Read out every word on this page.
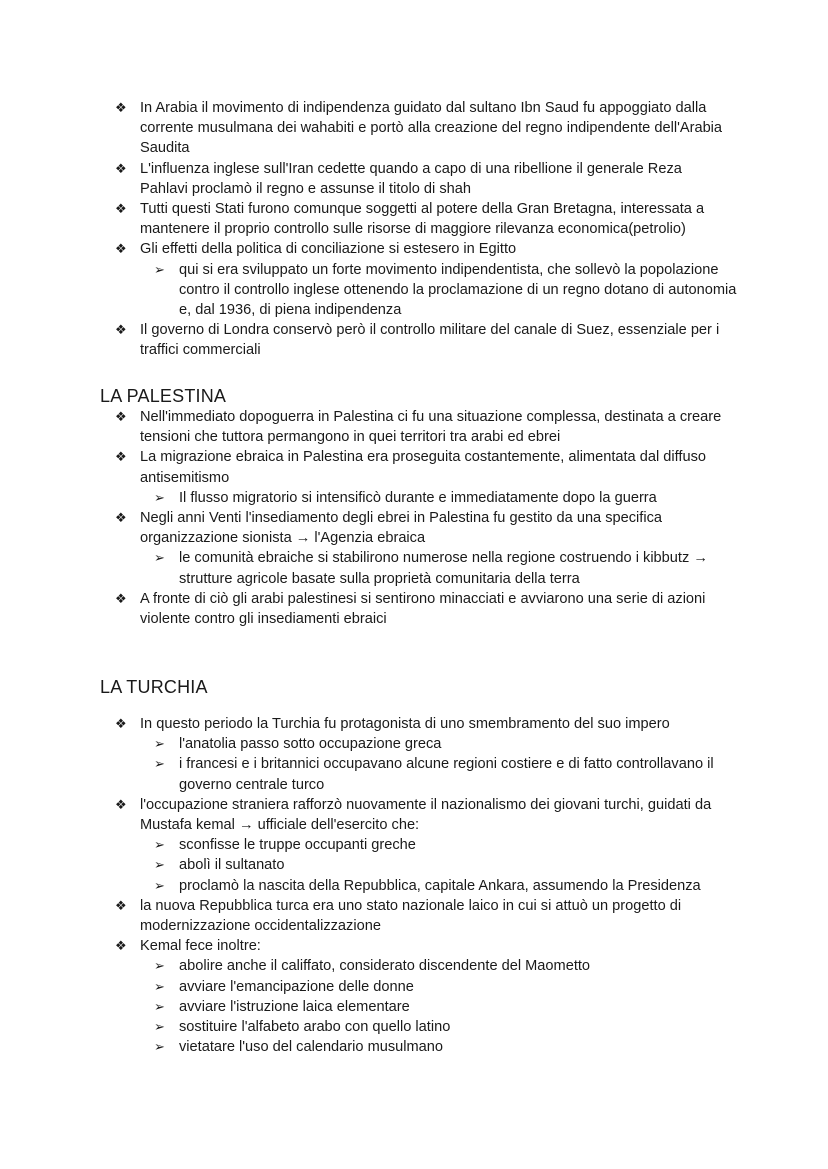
❖ In Arabia il movimento di indipendenza guidato dal sultano Ibn Saud fu appoggiato dalla corrente musulmana dei wahabiti e portò alla creazione del regno indipendente dell'Arabia Saudita
❖ L'influenza inglese sull'Iran cedette quando a capo di una ribellione il generale Reza Pahlavi proclamò il regno e assunse il titolo di shah
❖ Tutti questi Stati furono comunque soggetti al potere della Gran Bretagna, interessata a mantenere il proprio controllo sulle risorse di maggiore rilevanza economica(petrolio)
❖ Gli effetti della politica di conciliazione si estesero in Egitto
➢ qui si era sviluppato un forte movimento indipendentista, che sollevò la popolazione contro il controllo inglese ottenendo la proclamazione di un regno dotano di autonomia e, dal 1936, di piena indipendenza
❖ Il governo di Londra conservò però il controllo militare del canale di Suez, essenziale per i traffici commerciali
LA PALESTINA
❖ Nell'immediato dopoguerra in Palestina ci fu una situazione complessa, destinata a creare tensioni che tuttora permangono in quei territori tra arabi ed ebrei
❖ La migrazione ebraica in Palestina era proseguita costantemente, alimentata dal diffuso antisemitismo
➢ Il flusso migratorio si intensificò durante e immediatamente dopo la guerra
❖ Negli anni Venti l'insediamento degli ebrei in Palestina fu gestito da una specifica organizzazione sionista → l'Agenzia ebraica
➢ le comunità ebraiche si stabilirono numerose nella regione costruendo i kibbutz → strutture agricole basate sulla proprietà comunitaria della terra
❖ A fronte di ciò gli arabi palestinesi si sentirono minacciati e avviarono una serie di azioni violente contro gli insediamenti ebraici
LA TURCHIA
❖ In questo periodo la Turchia fu protagonista di uno smembramento del suo impero
➢ l'anatolia passo sotto occupazione greca
➢ i francesi e i britannici occupavano alcune regioni costiere e di fatto controllavano il governo centrale turco
❖ l'occupazione straniera rafforzò nuovamente il nazionalismo dei giovani turchi, guidati da Mustafa kemal → ufficiale dell'esercito che:
➢ sconfisse le truppe occupanti greche
➢ abolì il sultanato
➢ proclamò la nascita della Repubblica, capitale Ankara, assumendo la Presidenza
❖ la nuova Repubblica turca era uno stato nazionale laico in cui si attuò un progetto di modernizzazione occidentalizzazione
❖ Kemal fece inoltre:
➢ abolire anche il califfato, considerato discendente del Maometto
➢ avviare l'emancipazione delle donne
➢ avviare l'istruzione laica elementare
➢ sostituire l'alfabeto arabo con quello latino
➢ vietatare l'uso del calendario musulmano
